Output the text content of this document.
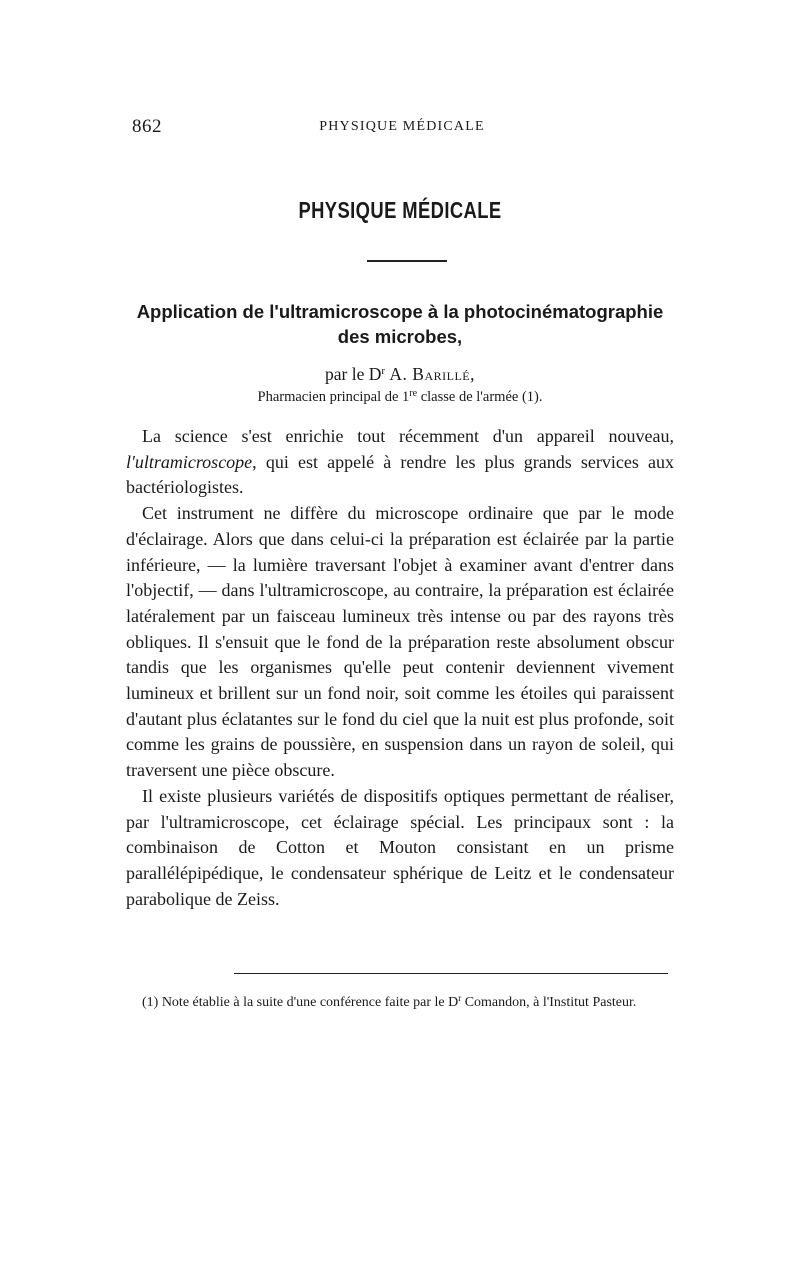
862	PHYSIQUE MÉDICALE
PHYSIQUE MÉDICALE
Application de l'ultramicroscope à la photocinématographie des microbes,
par le $D^r$ A. Barillé,
Pharmacien principal de 1re classe de l'armée (1).

La science s'est enrichie tout récemment d'un appareil nouveau, l'ultramicroscope, qui est appelé à rendre les plus grands services aux bactériologistes.

Cet instrument ne diffère du microscope ordinaire que par le mode d'éclairage. Alors que dans celui-ci la préparation est éclairée par la partie inférieure, — la lumière traversant l'objet à examiner avant d'entrer dans l'objectif, — dans l'ultramicroscope, au contraire, la préparation est éclairée latéralement par un faisceau lumineux très intense ou par des rayons très obliques. Il s'ensuit que le fond de la préparation reste absolument obscur tandis que les organismes qu'elle peut contenir deviennent vivement lumineux et brillent sur un fond noir, soit comme les étoiles qui paraissent d'autant plus éclatantes sur le fond du ciel que la nuit est plus profonde, soit comme les grains de poussière, en suspension dans un rayon de soleil, qui traversent une pièce obscure.

Il existe plusieurs variétés de dispositifs optiques permettant de réaliser, par l'ultramicroscope, cet éclairage spécial. Les principaux sont : la combinaison de Cotton et Mouton consistant en un prisme parallélépipédique, le condensateur sphérique de Leitz et le condensateur parabolique de Zeiss.

(1) Note établie à la suite d'une conférence faite par le $D^r$ Comandon, à l'Institut Pasteur.
